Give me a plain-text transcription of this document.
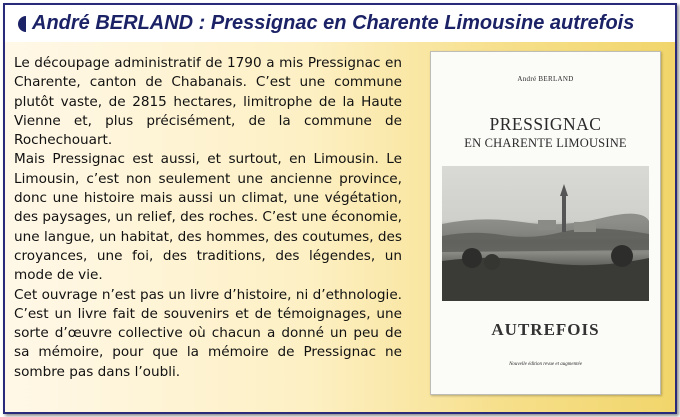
André BERLAND : Pressignac en Charente Limousine autrefois

Le découpage administratif de 1790 a mis Pressignac en Charente, canton de Chabanais. C’est une commune plutôt vaste, de 2815 hectares, limitrophe de la Haute Vienne et, plus précisément, de la commune de Rochechouart.

Mais Pressignac est aussi, et surtout, en Limousin. Le Limousin, c’est non seulement une ancienne province, donc une histoire mais aussi un climat, une végétation, des paysages, un relief, des roches. C’est une économie, une langue, un habitat, des hommes, des coutumes, des croyances, une foi, des traditions, des légendes, un mode de vie.

Cet ouvrage n’est pas un livre d’histoire, ni d’ethnologie. C’est un livre fait de souvenirs et de témoignages, une sorte d’œuvre collective où chacun a donné un peu de sa mémoire, pour que la mémoire de Pressignac ne sombre pas dans l’oubli.

André BERLAND
PRESSIGNAC
EN CHARENTE LIMOUSINE
AUTREFOIS
Nouvelle édition revue et augmentée
